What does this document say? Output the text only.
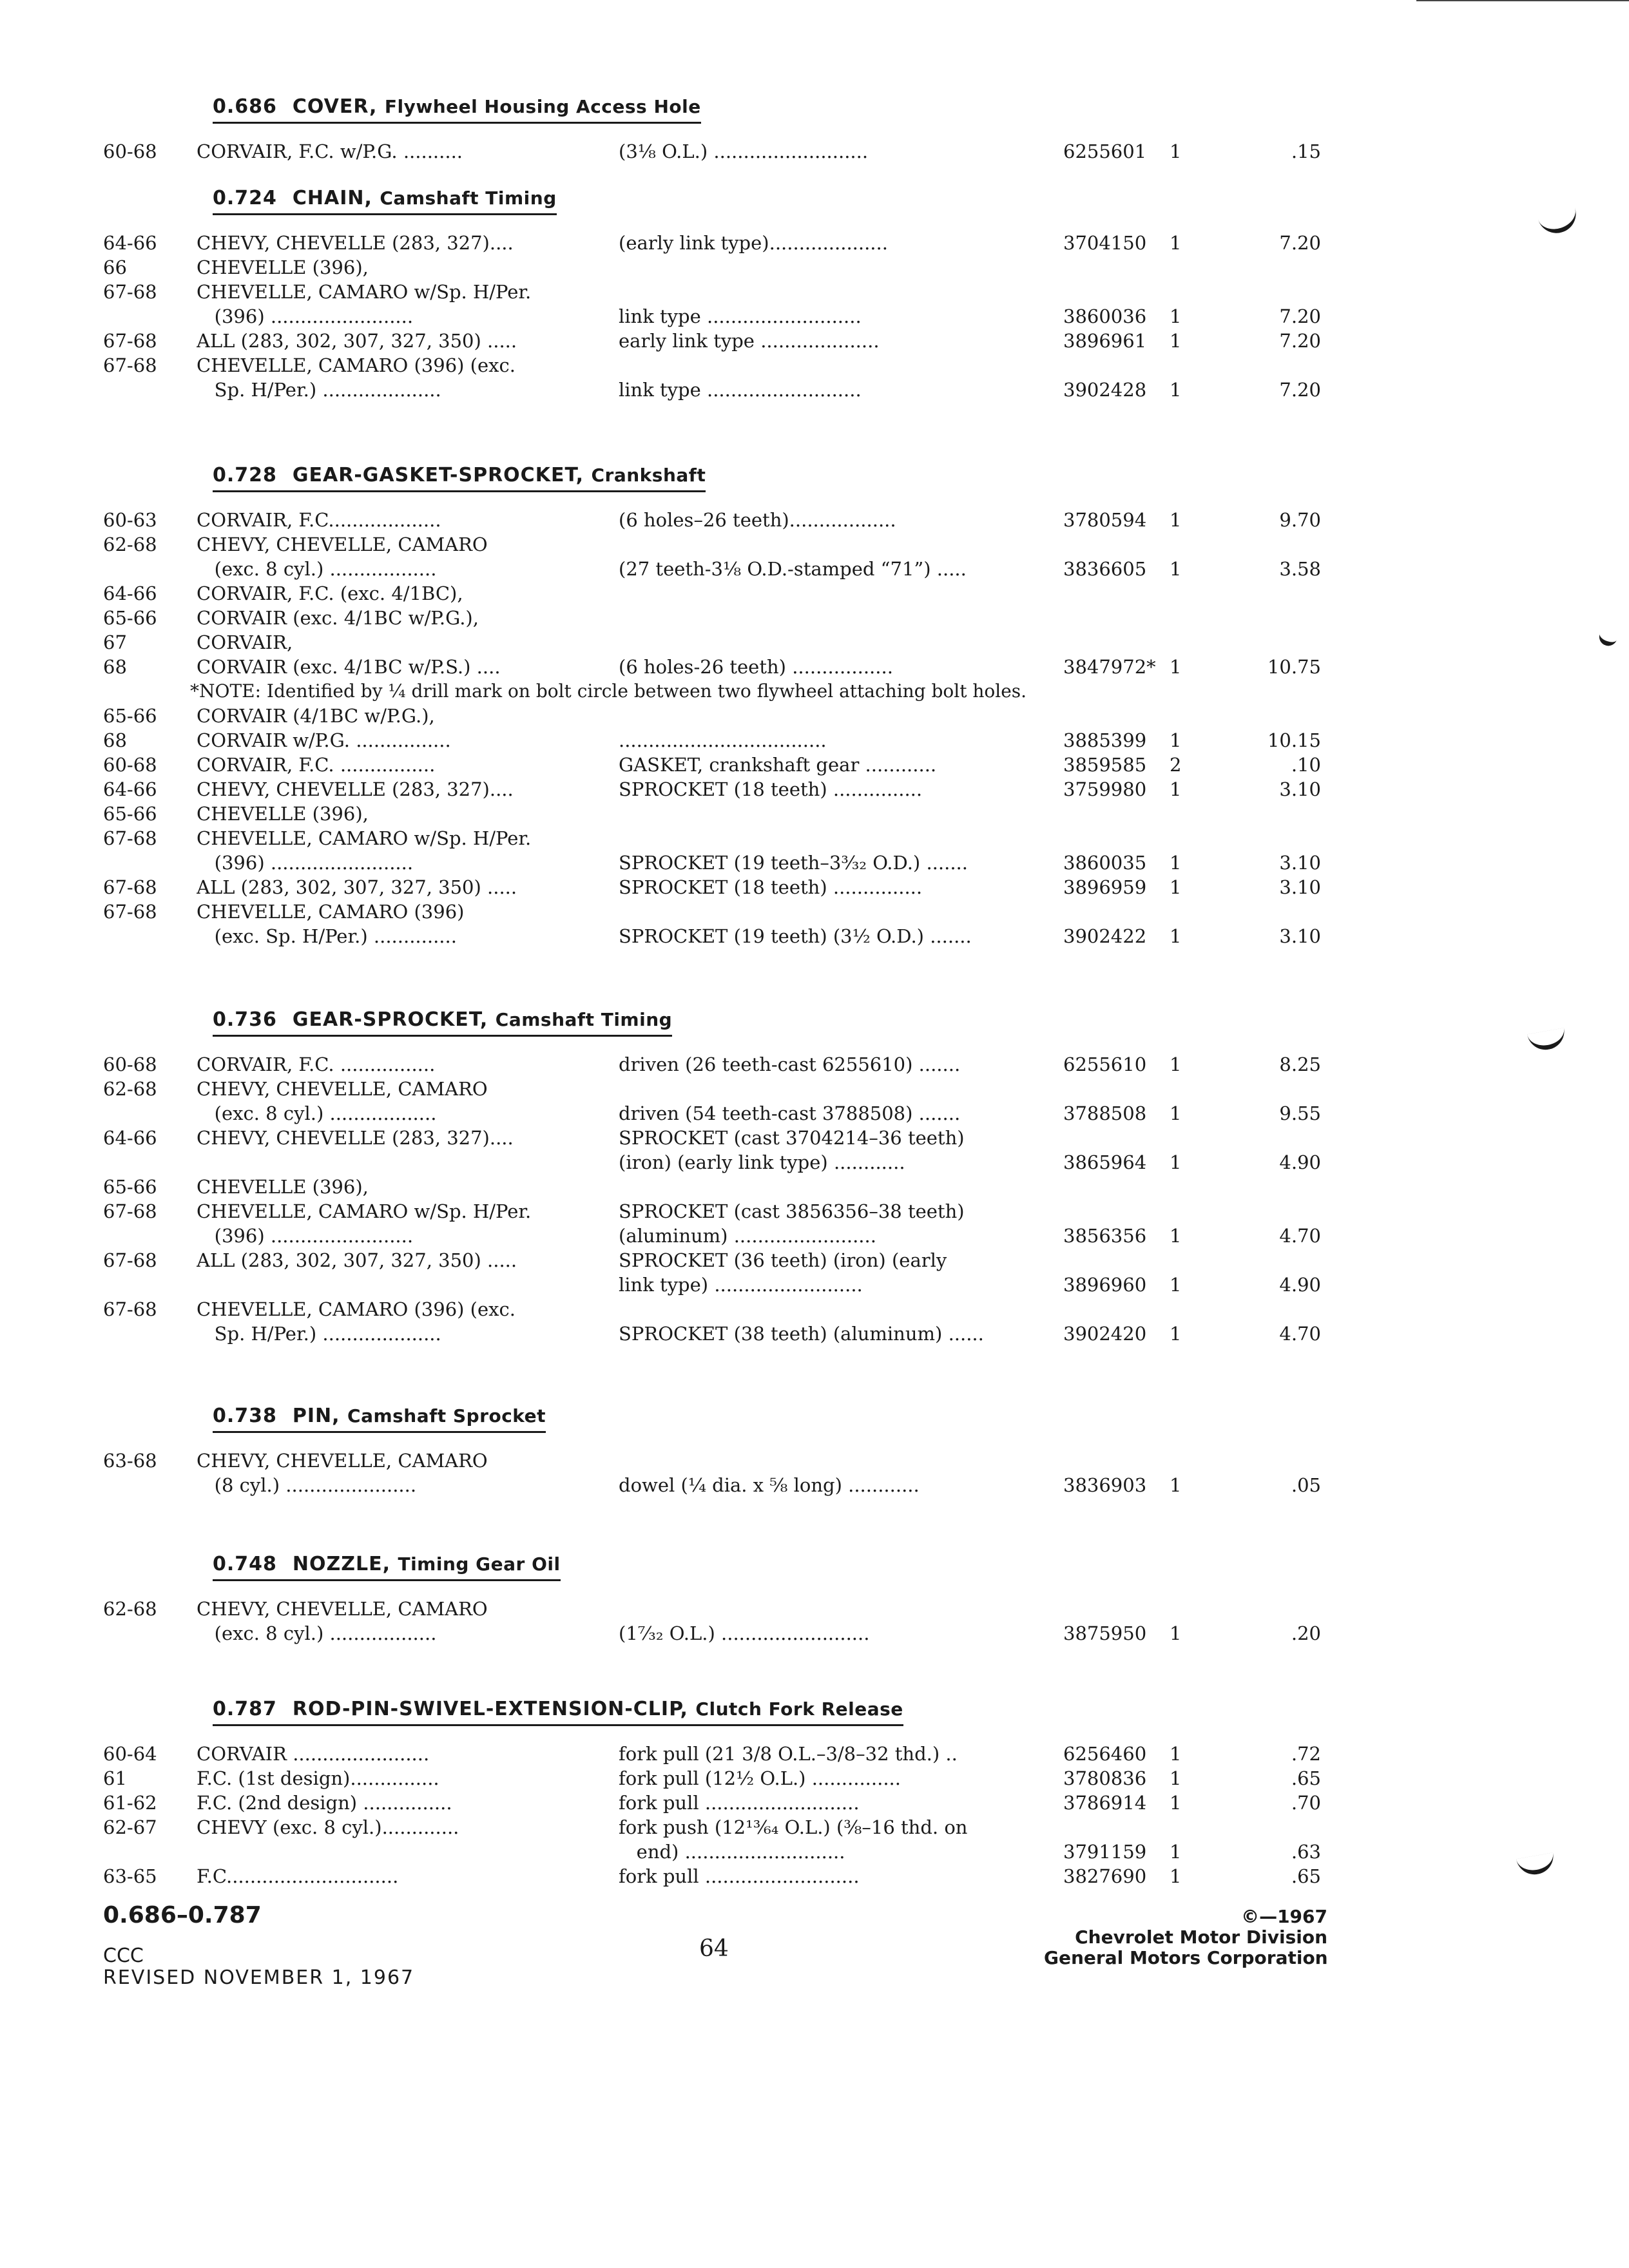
0.686 COVER, Flywheel Housing Access Hole
60-68	CORVAIR, F.C. w/P.G. ..........	(3⅛ O.L.) ..........................	6255601	1	.15
0.724 CHAIN, Camshaft Timing
64-66	CHEVY, CHEVELLE (283, 327)....	(early link type)....................	3704150	1	7.20
66	CHEVELLE (396),
67-68	CHEVELLE, CAMARO w/Sp. H/Per.
(396) ........................	link type ..........................	3860036	1	7.20
67-68	ALL (283, 302, 307, 327, 350) .....	early link type ....................	3896961	1	7.20
67-68	CHEVELLE, CAMARO (396) (exc.
Sp. H/Per.) ....................	link type ..........................	3902428	1	7.20
0.728 GEAR-GASKET-SPROCKET, Crankshaft
60-63	CORVAIR, F.C...................	(6 holes–26 teeth)..................	3780594	1	9.70
62-68	CHEVY, CHEVELLE, CAMARO
(exc. 8 cyl.) ..................	(27 teeth-3⅛ O.D.-stamped “71”) .....	3836605	1	3.58
64-66	CORVAIR, F.C. (exc. 4/1BC),
65-66	CORVAIR (exc. 4/1BC w/P.G.),
67	CORVAIR,
68	CORVAIR (exc. 4/1BC w/P.S.) ....	(6 holes-26 teeth) .................	3847972* 1	10.75
*NOTE: Identified by ¼ drill mark on bolt circle between two flywheel attaching bolt holes.
65-66	CORVAIR (4/1BC w/P.G.),
68	CORVAIR w/P.G. ................	...................................	3885399	1	10.15
60-68	CORVAIR, F.C. ................	GASKET, crankshaft gear ............	3859585	2	.10
64-66	CHEVY, CHEVELLE (283, 327)....	SPROCKET (18 teeth) ...............	3759980	1	3.10
65-66	CHEVELLE (396),
67-68	CHEVELLE, CAMARO w/Sp. H/Per.
(396) ........................	SPROCKET (19 teeth–3³⁄₃₂ O.D.) .......	3860035	1	3.10
67-68	ALL (283, 302, 307, 327, 350) .....	SPROCKET (18 teeth) ...............	3896959	1	3.10
67-68	CHEVELLE, CAMARO (396)
(exc. Sp. H/Per.) ..............	SPROCKET (19 teeth) (3½ O.D.) .......	3902422	1	3.10
0.736 GEAR-SPROCKET, Camshaft Timing
60-68	CORVAIR, F.C. ................	driven (26 teeth-cast 6255610) .......	6255610	1	8.25
62-68	CHEVY, CHEVELLE, CAMARO
(exc. 8 cyl.) ..................	driven (54 teeth-cast 3788508) .......	3788508	1	9.55
64-66	CHEVY, CHEVELLE (283, 327)....	SPROCKET (cast 3704214–36 teeth)
(iron) (early link type) ............	3865964	1	4.90
65-66	CHEVELLE (396),
67-68	CHEVELLE, CAMARO w/Sp. H/Per.	SPROCKET (cast 3856356–38 teeth)
(396) ........................	(aluminum) ........................	3856356	1	4.70
67-68	ALL (283, 302, 307, 327, 350) .....	SPROCKET (36 teeth) (iron) (early
link type) .........................	3896960	1	4.90
67-68	CHEVELLE, CAMARO (396) (exc.
Sp. H/Per.) ....................	SPROCKET (38 teeth) (aluminum) ......	3902420	1	4.70
0.738 PIN, Camshaft Sprocket
63-68	CHEVY, CHEVELLE, CAMARO
(8 cyl.) ......................	dowel (¼ dia. x ⅝ long) ............	3836903	1	.05
0.748 NOZZLE, Timing Gear Oil
62-68	CHEVY, CHEVELLE, CAMARO
(exc. 8 cyl.) ..................	(1⁷⁄₃₂ O.L.) .........................	3875950	1	.20
0.787 ROD-PIN-SWIVEL-EXTENSION-CLIP, Clutch Fork Release
60-64	CORVAIR .......................	fork pull (21 3/8 O.L.–3/8–32 thd.) ..	6256460	1	.72
61	F.C. (1st design)...............	fork pull (12½ O.L.) ...............	3780836	1	.65
61-62	F.C. (2nd design) ...............	fork pull ..........................	3786914	1	.70
62-67	CHEVY (exc. 8 cyl.).............	fork push (12¹³⁄₆₄ O.L.) (⅜–16 thd. on
end) ...........................	3791159	1	.63
63-65	F.C.............................	fork pull ..........................	3827690	1	.65
0.686–0.787
CCC
REVISED NOVEMBER 1, 1967
64
©—1967
Chevrolet Motor Division
General Motors Corporation
